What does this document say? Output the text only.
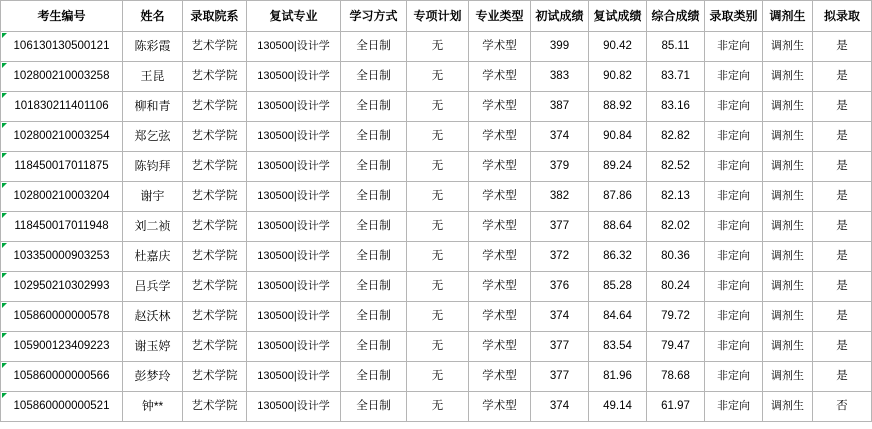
考生编号	姓名	录取院系	复试专业	学习方式	专项计划	专业类型	初试成绩	复试成绩	综合成绩	录取类别	调剂生	拟录取
106130130500121	陈彩霞	艺术学院	130500|设计学	全日制	无	学术型	399	90.42	85.11	非定向	调剂生	是
102800210003258	王昆	艺术学院	130500|设计学	全日制	无	学术型	383	90.82	83.71	非定向	调剂生	是
101830211401106	柳和青	艺术学院	130500|设计学	全日制	无	学术型	387	88.92	83.16	非定向	调剂生	是
102800210003254	郑乞弦	艺术学院	130500|设计学	全日制	无	学术型	374	90.84	82.82	非定向	调剂生	是
118450017011875	陈钧拜	艺术学院	130500|设计学	全日制	无	学术型	379	89.24	82.52	非定向	调剂生	是
102800210003204	谢宇	艺术学院	130500|设计学	全日制	无	学术型	382	87.86	82.13	非定向	调剂生	是
118450017011948	刘二祯	艺术学院	130500|设计学	全日制	无	学术型	377	88.64	82.02	非定向	调剂生	是
103350000903253	杜嘉庆	艺术学院	130500|设计学	全日制	无	学术型	372	86.32	80.36	非定向	调剂生	是
102950210302993	吕兵学	艺术学院	130500|设计学	全日制	无	学术型	376	85.28	80.24	非定向	调剂生	是
105860000000578	赵沃林	艺术学院	130500|设计学	全日制	无	学术型	374	84.64	79.72	非定向	调剂生	是
105900123409223	谢玉婷	艺术学院	130500|设计学	全日制	无	学术型	377	83.54	79.47	非定向	调剂生	是
105860000000566	彭梦玲	艺术学院	130500|设计学	全日制	无	学术型	377	81.96	78.68	非定向	调剂生	是
105860000000521	钟**	艺术学院	130500|设计学	全日制	无	学术型	374	49.14	61.97	非定向	调剂生	否
